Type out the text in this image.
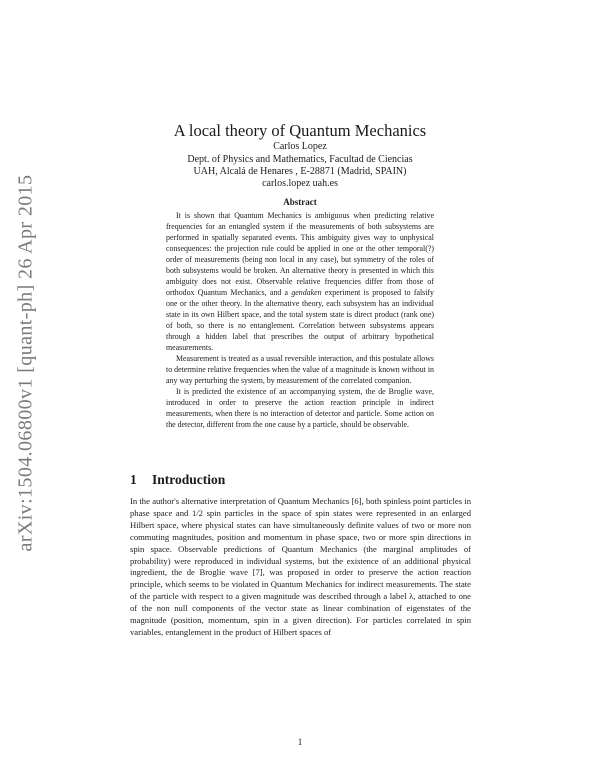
arXiv:1504.06800v1 [quant-ph] 26 Apr 2015
A local theory of Quantum Mechanics
Carlos Lopez
Dept. of Physics and Mathematics, Facultad de Ciencias
UAH, Alcalá de Henares , E-28871 (Madrid, SPAIN)
carlos.lopez uah.es
Abstract

It is shown that Quantum Mechanics is ambiguous when predicting relative frequencies for an entangled system if the measurements of both subsystems are performed in spatially separated events. This ambiguity gives way to unphysical consequences: the projection rule could be applied in one or the other temporal(?) order of measurements (being non local in any case), but symmetry of the roles of both subsystems would be broken. An alternative theory is presented in which this ambiguity does not exist. Observable relative frequencies differ from those of orthodox Quantum Mechanics, and a gendaken experiment is proposed to falsify one or the other theory. In the alternative theory, each subsystem has an individual state in its own Hilbert space, and the total system state is direct product (rank one) of both, so there is no entanglement. Correlation between subsystems appears through a hidden label that prescribes the output of arbitrary hypothetical measurements.

Measurement is treated as a usual reversible interaction, and this postulate allows to determine relative frequencies when the value of a magnitude is known without in any way perturbing the system, by measurement of the correlated companion.

It is predicted the existence of an accompanying system, the de Broglie wave, introduced in order to preserve the action reaction principle in indirect measurements, when there is no interaction of detector and particle. Some action on the detector, different from the one cause by a particle, should be observable.

1 Introduction

In the author's alternative interpretation of Quantum Mechanics [6], both spinless point particles in phase space and 1/2 spin particles in the space of spin states were represented in an enlarged Hilbert space, where physical states can have simultaneously definite values of two or more non commuting magnitudes, position and momentum in phase space, two or more spin directions in spin space. Observable predictions of Quantum Mechanics (the marginal amplitudes of probability) were reproduced in individual systems, but the existence of an additional physical ingredient, the de Broglie wave [7], was proposed in order to preserve the action reaction principle, which seems to be violated in Quantum Mechanics for indirect measurements. The state of the particle with respect to a given magnitude was described through a label λ, attached to one of the non null components of the vector state as linear combination of eigenstates of the magnitude (position, momentum, spin in a given direction). For particles correlated in spin variables, entanglement in the product of Hilbert spaces of

1
